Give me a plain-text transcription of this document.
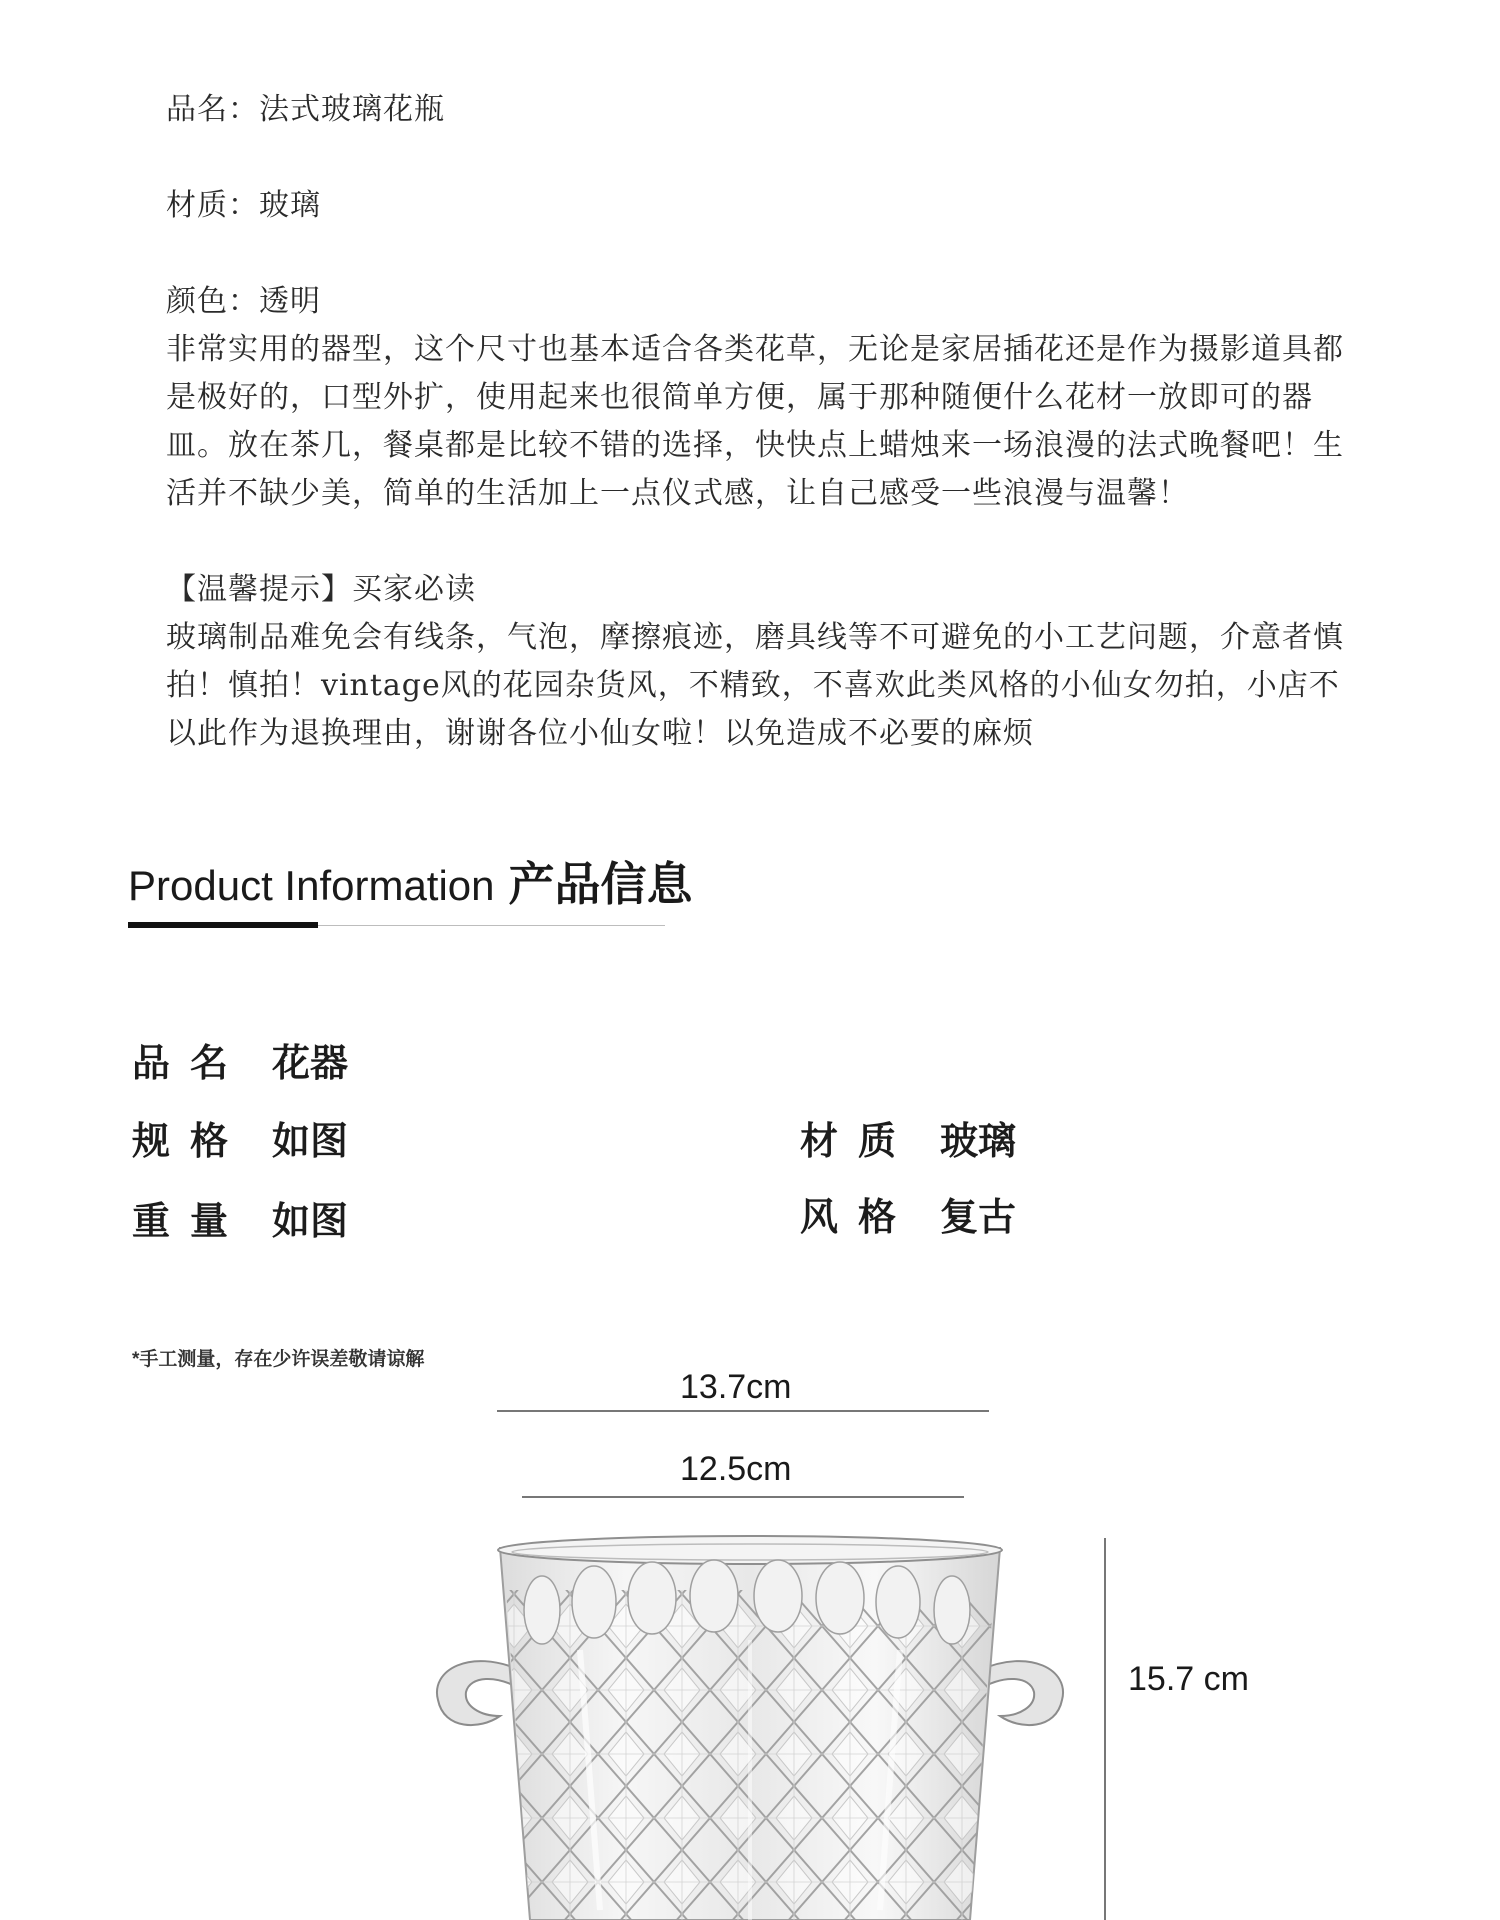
品名：法式玻璃花瓶
材质：玻璃
颜色：透明
非常实用的器型，这个尺寸也基本适合各类花草，无论是家居插花还是作为摄影道具都是极好的，口型外扩，使用起来也很简单方便，属于那种随便什么花材一放即可的器皿。放在茶几，餐桌都是比较不错的选择，快快点上蜡烛来一场浪漫的法式晚餐吧！生活并不缺少美，简单的生活加上一点仪式感，让自己感受一些浪漫与温馨！
【温馨提示】买家必读
玻璃制品难免会有线条，气泡，摩擦痕迹，磨具线等不可避免的小工艺问题，介意者慎拍！慎拍！vintage风的花园杂货风，不精致，不喜欢此类风格的小仙女勿拍，小店不以此作为退换理由，谢谢各位小仙女啦！以免造成不必要的麻烦
Product Information 产品信息
品名 花器
规格 如图
重量 如图
材质 玻璃
风格 复古
*手工测量，存在少许误差敬请谅解
13.7cm
12.5cm
15.7 cm
